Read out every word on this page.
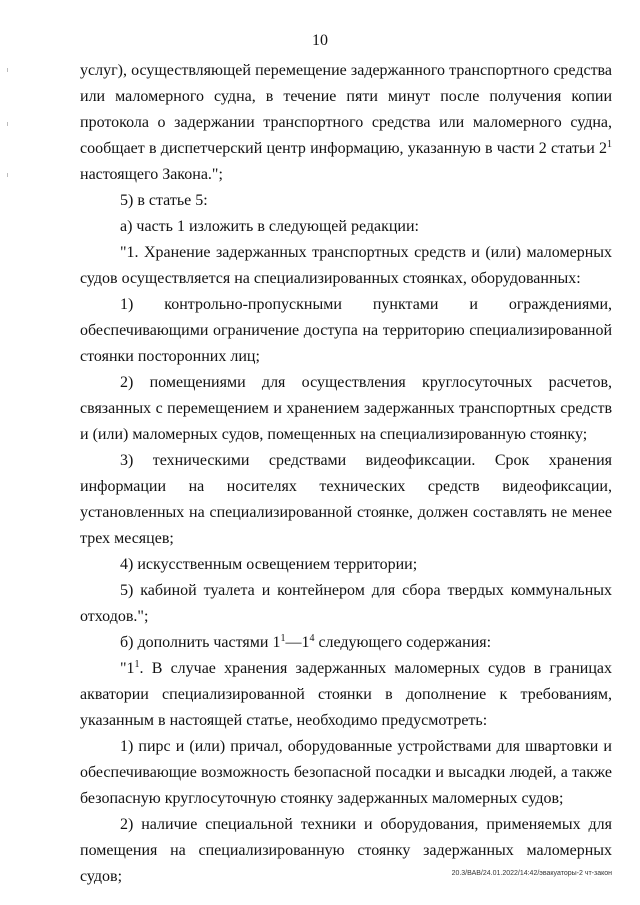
10

услуг), осуществляющей перемещение задержанного транспортного средства или маломерного судна, в течение пяти минут после получения копии протокола о задержании транспортного средства или маломерного судна, сообщает в диспетчерский центр информацию, указанную в части 2 статьи $2^1$ настоящего Закона.";

5) в статье 5:

а) часть 1 изложить в следующей редакции:

"1. Хранение задержанных транспортных средств и (или) маломерных судов осуществляется на специализированных стоянках, оборудованных:

1) контрольно-пропускными пунктами и ограждениями, обеспечивающими ограничение доступа на территорию специализированной стоянки посторонних лиц;

2) помещениями для осуществления круглосуточных расчетов, связанных с перемещением и хранением задержанных транспортных средств и (или) маломерных судов, помещенных на специализированную стоянку;

3) техническими средствами видеофиксации. Срок хранения информации на носителях технических средств видеофиксации, установленных на специализированной стоянке, должен составлять не менее трех месяцев;

4) искусственным освещением территории;

5) кабиной туалета и контейнером для сбора твердых коммунальных отходов.";

б) дополнить частями $1^1—1^4$ следующего содержания:

"$1^1$. В случае хранения задержанных маломерных судов в границах акватории специализированной стоянки в дополнение к требованиям, указанным в настоящей статье, необходимо предусмотреть:

1) пирс и (или) причал, оборудованные устройствами для швартовки и обеспечивающие возможность безопасной посадки и высадки людей, а также безопасную круглосуточную стоянку задержанных маломерных судов;

2) наличие специальной техники и оборудования, применяемых для помещения на специализированную стоянку задержанных маломерных судов;	20.3/ВАВ/24.01.2022/14:42/эвакуаторы-2 чт-закон
